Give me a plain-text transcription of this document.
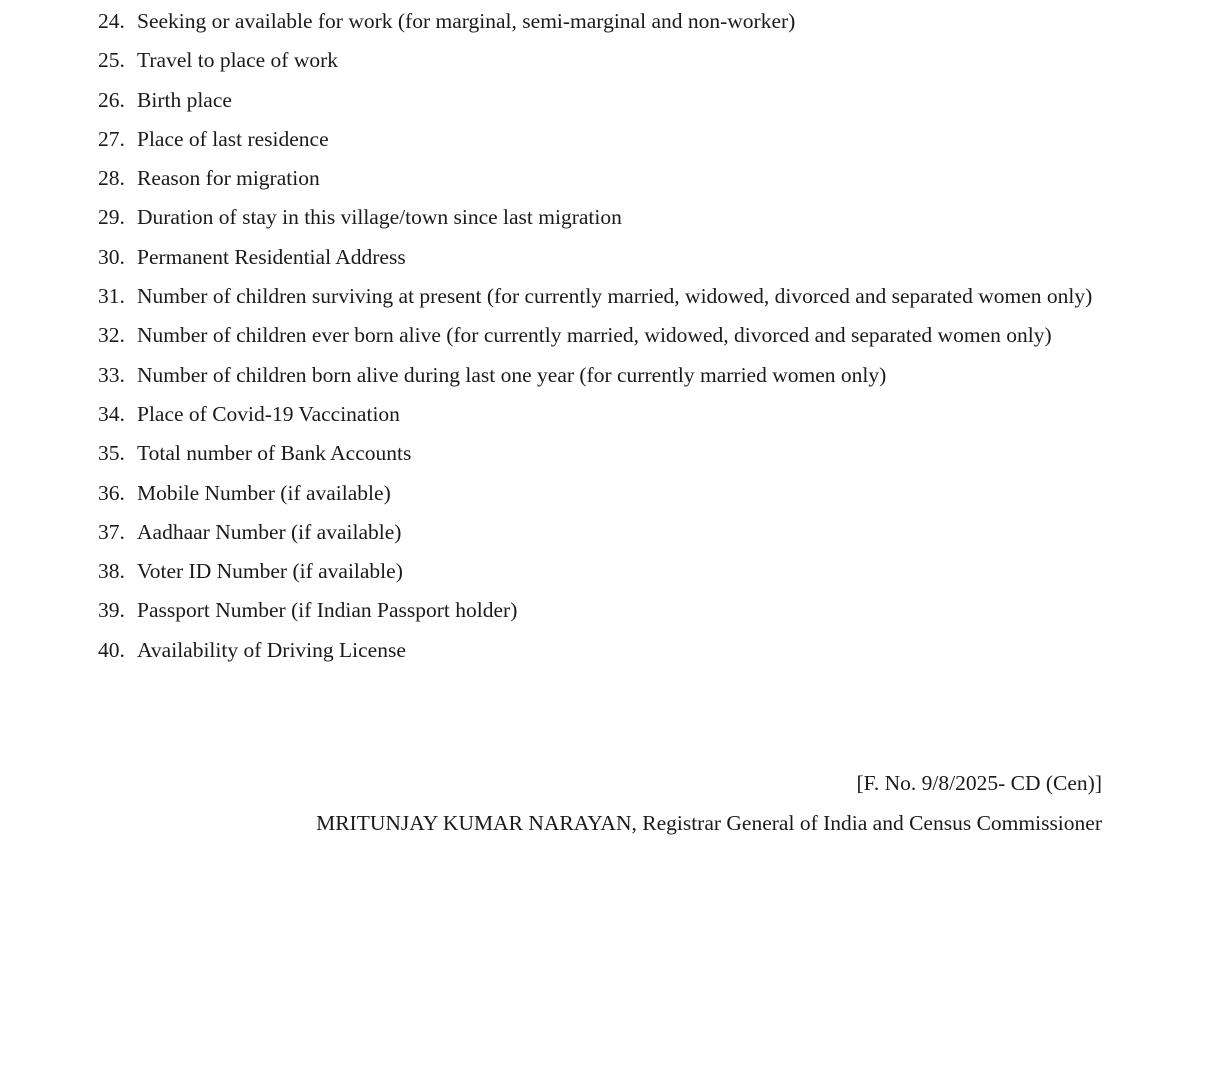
24. Seeking or available for work (for marginal, semi-marginal and non-worker)
25. Travel to place of work
26. Birth place
27. Place of last residence
28. Reason for migration
29. Duration of stay in this village/town since last migration
30. Permanent Residential Address
31. Number of children surviving at present (for currently married, widowed, divorced and separated women only)
32. Number of children ever born alive (for currently married, widowed, divorced and separated women only)
33. Number of children born alive during last one year (for currently married women only)
34. Place of Covid-19 Vaccination
35. Total number of Bank Accounts
36. Mobile Number (if available)
37. Aadhaar Number (if available)
38. Voter ID Number (if available)
39. Passport Number (if Indian Passport holder)
40. Availability of Driving License
[F. No. 9/8/2025- CD (Cen)]
MRITUNJAY KUMAR NARAYAN, Registrar General of India and Census Commissioner
